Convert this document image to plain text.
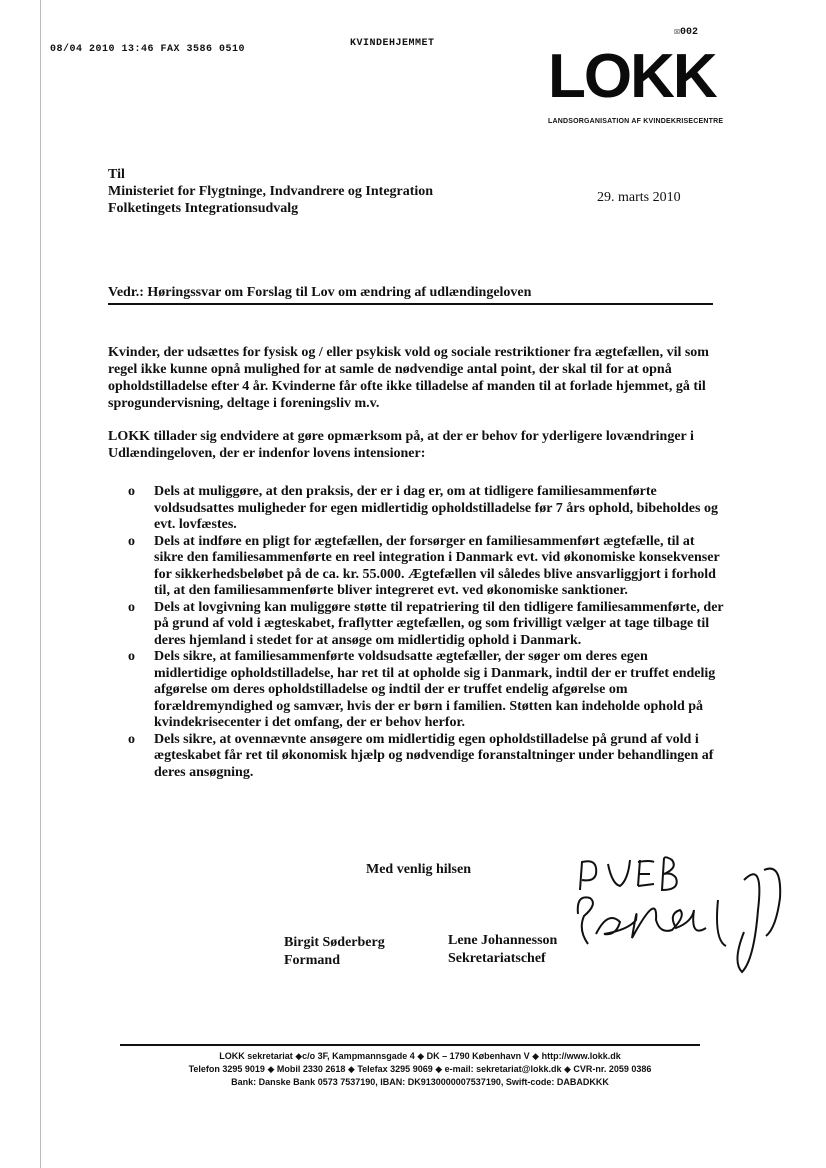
08/04 2010 13:46 FAX 3586 0510
KVINDEHJEMMET
☒002
LOKK
LANDSORGANISATION AF KVINDEKRISECENTRE
Til
Ministeriet for Flygtninge, Indvandrere og Integration
Folketingets Integrationsudvalg
29. marts 2010
Vedr.: Høringssvar om Forslag til Lov om ændring af udlændingeloven
Kvinder, der udsættes for fysisk og / eller psykisk vold og sociale restriktioner fra ægtefællen, vil som regel ikke kunne opnå mulighed for at samle de nødvendige antal point, der skal til for at opnå opholdstilladelse efter 4 år. Kvinderne får ofte ikke tilladelse af manden til at forlade hjemmet, gå til sprogundervisning, deltage i foreningsliv m.v.
LOKK tillader sig endvidere at gøre opmærksom på, at der er behov for yderligere lovændringer i Udlændingeloven, der er indenfor lovens intensioner:
o Dels at muliggøre, at den praksis, der er i dag er, om at tidligere familiesammenførte voldsudsattes muligheder for egen midlertidig opholdstilladelse før 7 års ophold, bibeholdes og evt. lovfæstes.
o Dels at indføre en pligt for ægtefællen, der forsørger en familiesammenført ægtefælle, til at sikre den familiesammenførte en reel integration i Danmark evt. vid økonomiske konsekvenser for sikkerhedsbeløbet på de ca. kr. 55.000. Ægtefællen vil således blive ansvarliggjort i forhold til, at den familiesammenførte bliver integreret evt. ved økonomiske sanktioner.
o Dels at lovgivning kan muliggøre støtte til repatriering til den tidligere familiesammenførte, der på grund af vold i ægteskabet, fraflytter ægtefællen, og som frivilligt vælger at tage tilbage til deres hjemland i stedet for at ansøge om midlertidig ophold i Danmark.
o Dels sikre, at familiesammenførte voldsudsatte ægtefæller, der søger om deres egen midlertidige opholdstilladelse, har ret til at opholde sig i Danmark, indtil der er truffet endelig afgørelse om deres opholdstilladelse og indtil der er truffet endelig afgørelse om forældremyndighed og samvær, hvis der er børn i familien. Støtten kan indeholde ophold på kvindekrisecenter i det omfang, der er behov herfor.
o Dels sikre, at ovennævnte ansøgere om midlertidig egen opholdstilladelse på grund af vold i ægteskabet får ret til økonomisk hjælp og nødvendige foranstaltninger under behandlingen af deres ansøgning.
Med venlig hilsen
Birgit Søderberg
Formand
Lene Johannesson
Sekretariatschef
LOKK sekretariat ◆c/o 3F, Kampmannsgade 4 ◆ DK – 1790 København V ◆ http://www.lokk.dk
Telefon 3295 9019 ◆ Mobil 2330 2618 ◆ Telefax 3295 9069 ◆ e-mail: sekretariat@lokk.dk ◆ CVR-nr. 2059 0386
Bank: Danske Bank 0573 7537190, IBAN: DK9130000007537190, Swift-code: DABADKKK
